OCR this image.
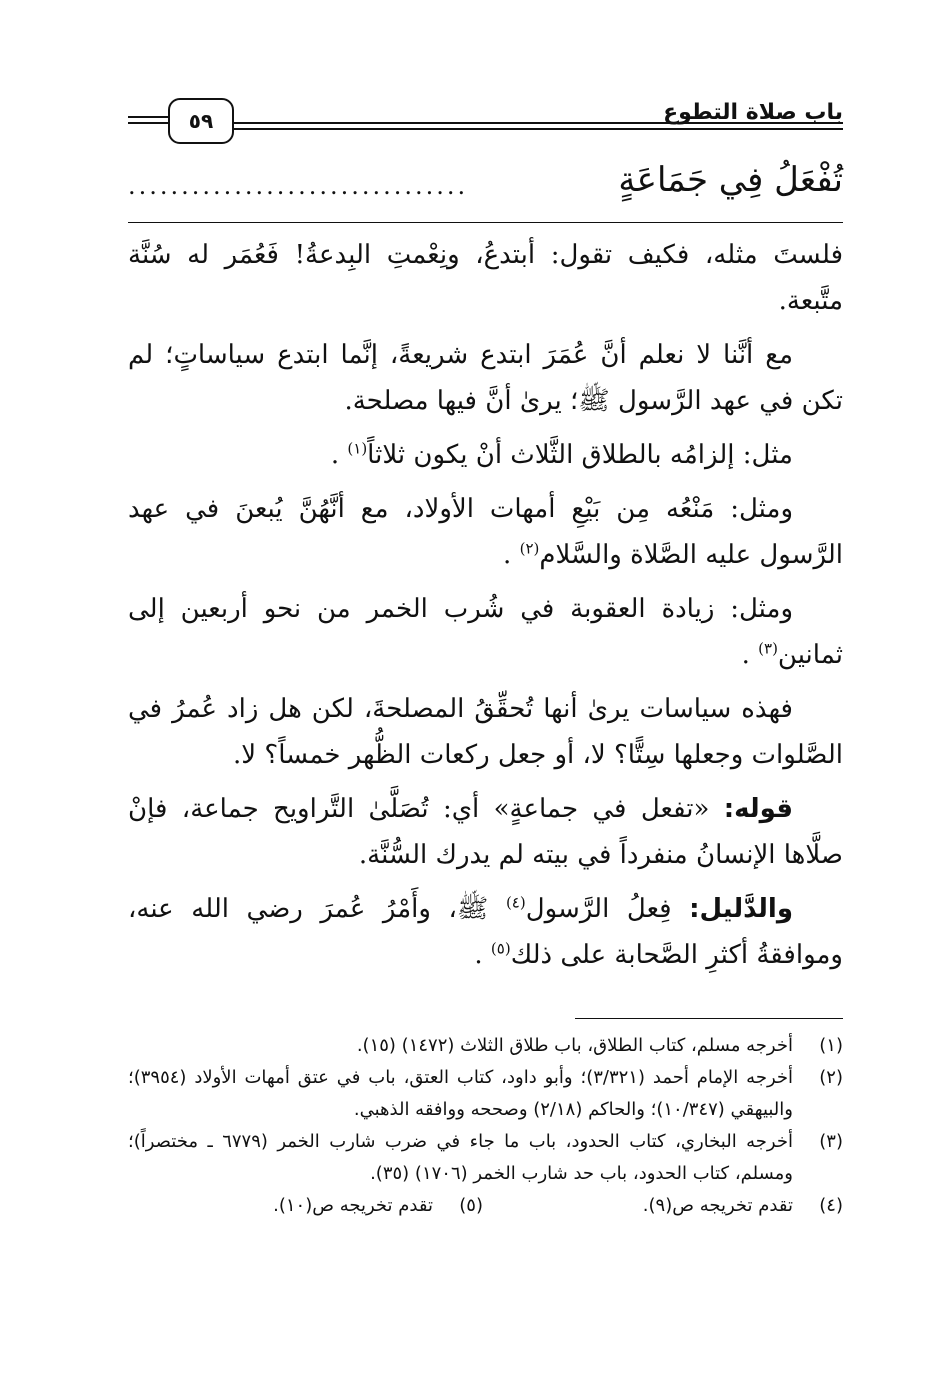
٥٩	باب صلاة التطوع
تُفْعَلُ فِي جَمَاعَةٍ
................................

فلستَ مثله، فكيف تقول: أبتدعُ، ونِعْمتِ البِدعةُ! فَعُمَر له سُنَّة متَّبعة.

مع أنَّنا لا نعلم أنَّ عُمَرَ ابتدع شريعةً، إنَّما ابتدع سياساتٍ؛ لم تكن في عهد الرَّسول ﷺ؛ يرىٰ أنَّ فيها مصلحة.

مثل: إلزامُه بالطلاق الثَّلاث أنْ يكون ثلاثاً$^{(١)}$ .

ومثل: مَنْعُه مِن بَيْعِ أمهات الأولاد، مع أنَّهُنَّ يُبعنَ في عهد الرَّسول عليه الصَّلاة والسَّلام$^{(٢)}$ .

ومثل: زيادة العقوبة في شُرب الخمر من نحو أربعين إلى ثمانين$^{(٣)}$ .

فهذه سياسات يرىٰ أنها تُحقِّقُ المصلحةَ، لكن هل زاد عُمرُ في الصَّلوات وجعلها سِتًّا؟ لا، أو جعل ركعات الظُّهر خمساً؟ لا.

قوله: «تفعل في جماعةٍ» أي: تُصَلَّىٰ التَّراويح جماعة، فإنْ صلَّاها الإنسانُ منفرداً في بيته لم يدرك السُّنَّة.

والدَّليل: فِعلُ الرَّسول$^{(٤)}$ ﷺ، وأَمْرُ عُمرَ رضي الله عنه، وموافقةُ أكثرِ الصَّحابة على ذلك$^{(٥)}$ .

(١)
أخرجه مسلم، كتاب الطلاق، باب طلاق الثلاث (١٤٧٢) (١٥).
(٢)
أخرجه الإمام أحمد (٣/٣٢١)؛ وأبو داود، كتاب العتق، باب في عتق أمهات الأولاد (٣٩٥٤)؛ والبيهقي (١٠/٣٤٧)؛ والحاكم (٢/١٨) وصححه ووافقه الذهبي.
(٣)
أخرجه البخاري، كتاب الحدود، باب ما جاء في ضرب شارب الخمر (٦٧٧٩ ـ مختصراً)؛ ومسلم، كتاب الحدود، باب حد شارب الخمر (١٧٠٦) (٣٥).
(٤)
تقدم تخريجه ص(٩).
(٥)
تقدم تخريجه ص(١٠).
